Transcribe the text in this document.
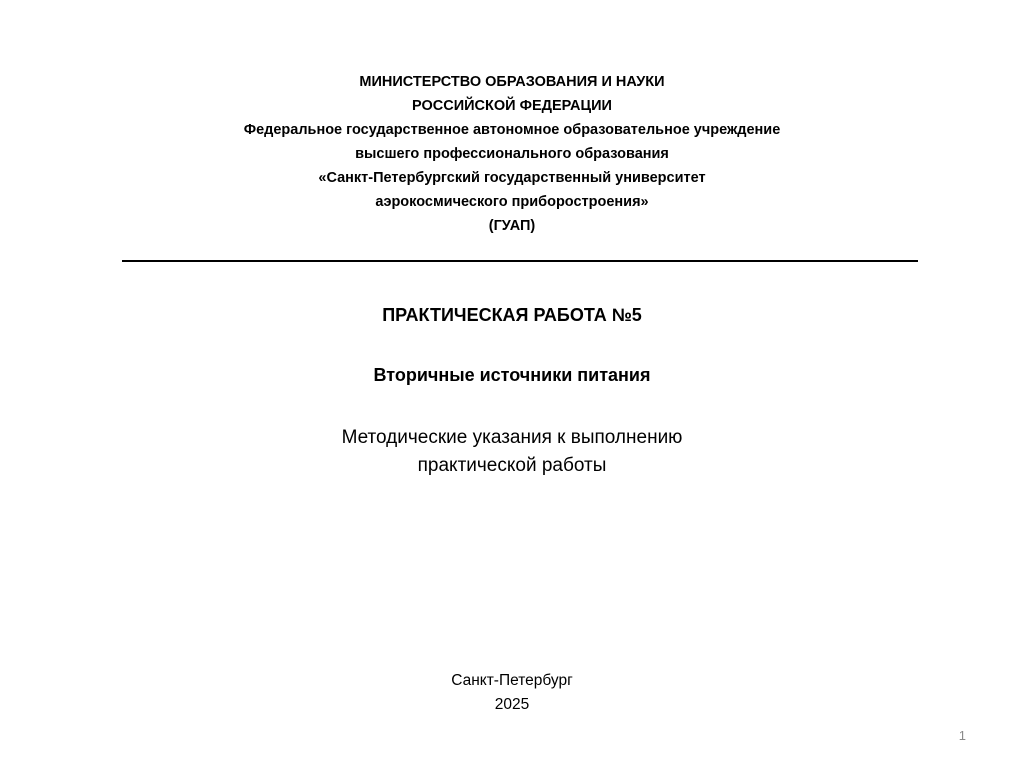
МИНИСТЕРСТВО ОБРАЗОВАНИЯ И НАУКИ
РОССИЙСКОЙ ФЕДЕРАЦИИ
Федеральное государственное автономное образовательное учреждение
высшего профессионального образования
«Санкт-Петербургский государственный университет
аэрокосмического приборостроения»
(ГУАП)
ПРАКТИЧЕСКАЯ РАБОТА №5
Вторичные источники питания
Методические указания к выполнению
практической работы
Санкт-Петербург
2025
1
